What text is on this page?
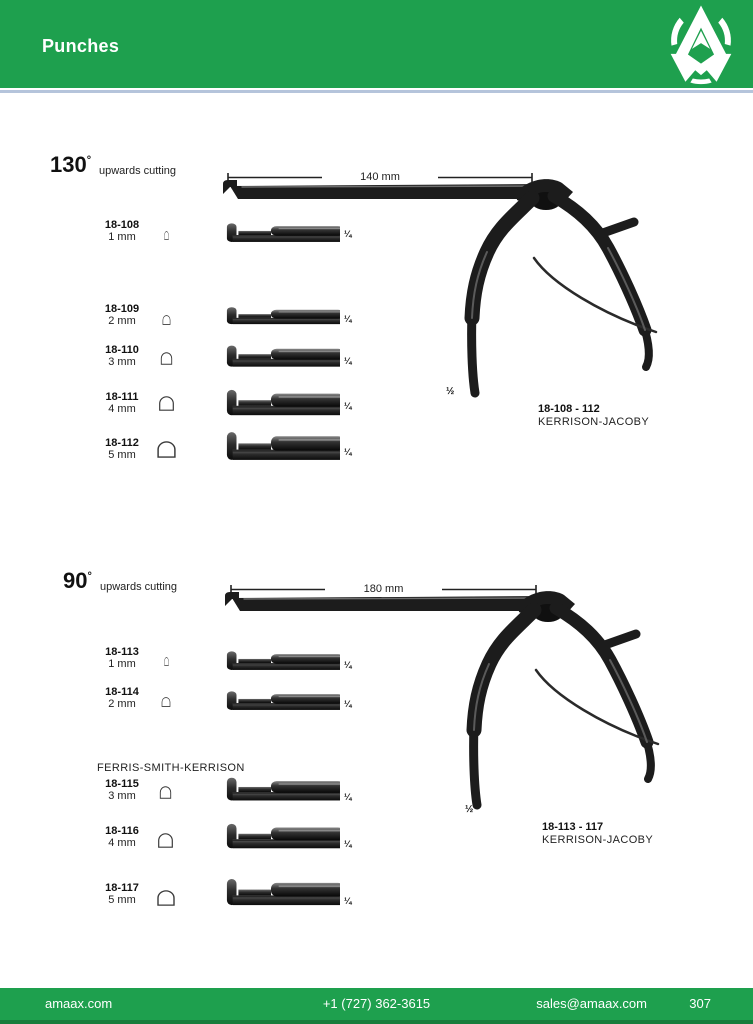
Punches
130°
upwards cutting	140 mm
½
18-108 - 112
KERRISON-JACOBY
18-108
1 mm	¼
18-109
2 mm	¼
18-110
3 mm	¼
18-111
4 mm	¼
18-112
5 mm	¼
90°
upwards cutting	180 mm
½
18-113 - 117
KERRISON-JACOBY
18-113
1 mm	¼
18-114
2 mm	¼
FERRIS-SMITH-KERRISON
18-115
3 mm	¼
18-116
4 mm	¼
18-117
5 mm	¼
amaax.com	+1 (727) 362-3615	sales@amaax.com	307
